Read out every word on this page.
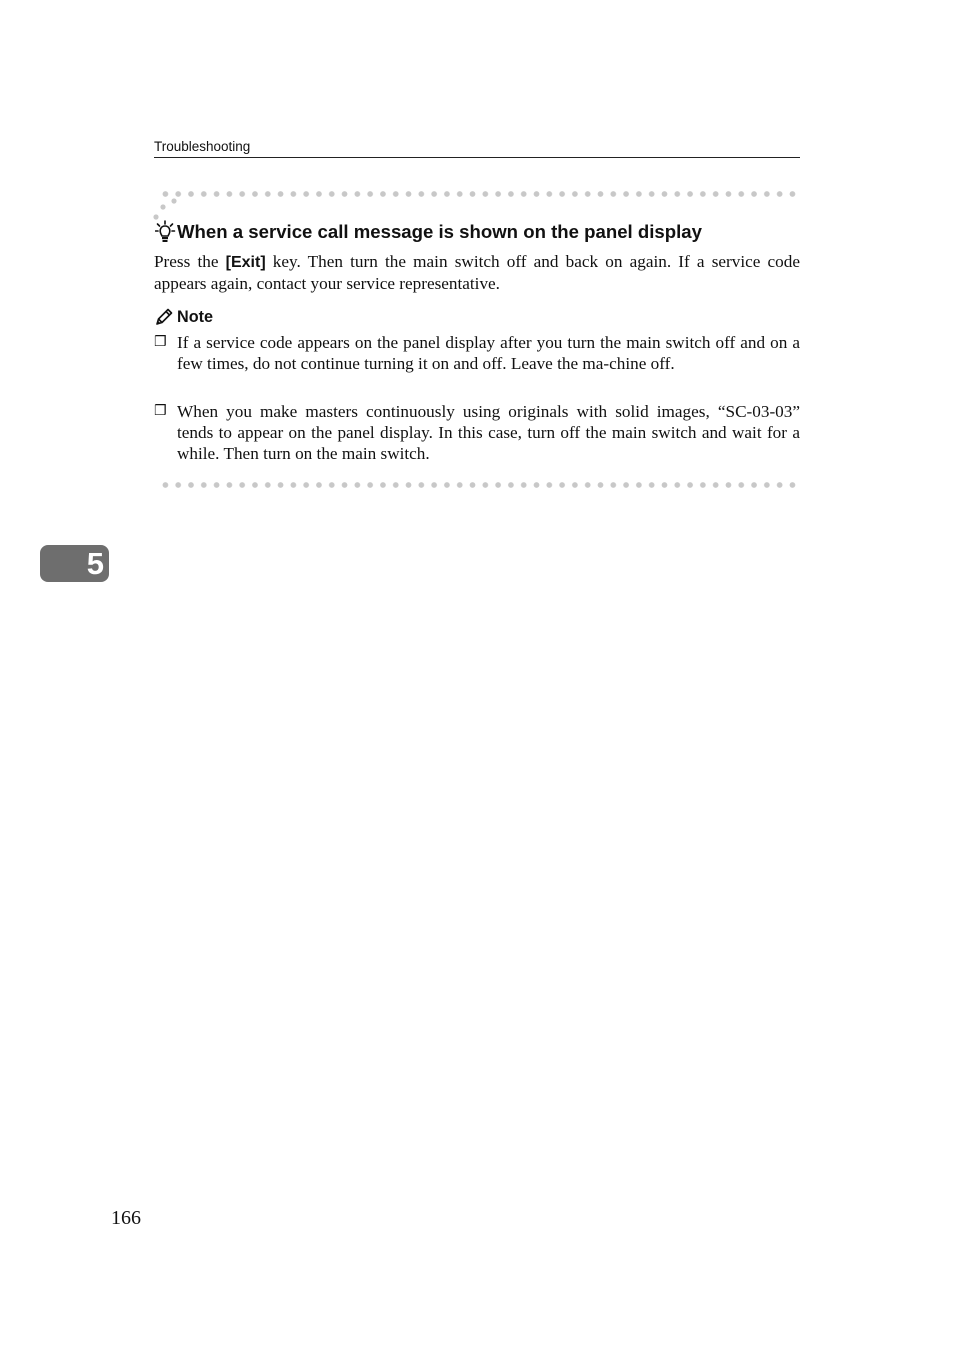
Troubleshooting
When a service call message is shown on the panel display
Press the [Exit] key. Then turn the main switch off and back on again. If a service code appears again, contact your service representative.
Note
❒ If a service code appears on the panel display after you turn the main switch off and on a few times, do not continue turning it on and off. Leave the ma-chine off.
❒ When you make masters continuously using originals with solid images, “SC-03-03” tends to appear on the panel display. In this case, turn off the main switch and wait for a while. Then turn on the main switch.
5
166
